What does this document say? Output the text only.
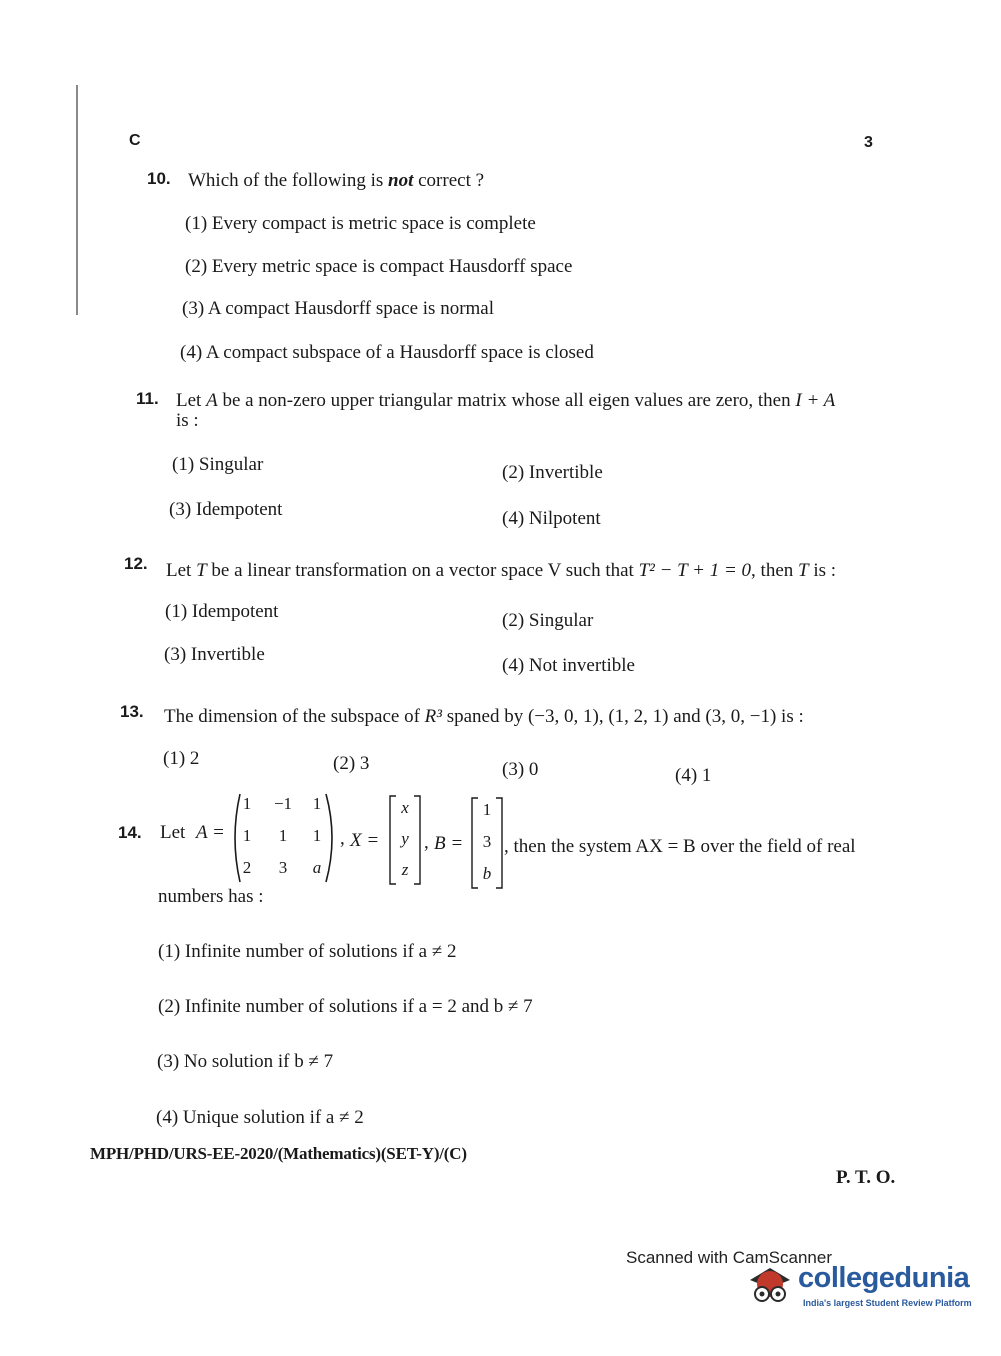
C	3
10. Which of the following is not correct ?
(1) Every compact is metric space is complete
(2) Every metric space is compact Hausdorff space
(3) A compact Hausdorff space is normal
(4) A compact subspace of a Hausdorff space is closed
11. Let A be a non-zero upper triangular matrix whose all eigen values are zero, then I + A
is :
(1) Singular	(2) Invertible
(3) Idempotent	(4) Nilpotent
12. Let T be a linear transformation on a vector space V such that T² − T + 1 = 0, then T is :
(1) Idempotent	(2) Singular
(3) Invertible
(4) Not invertible
13. The dimension of the subspace of R³ spaned by (−3, 0, 1), (1, 2, 1) and (3, 0, −1) is :
(1) 2	(2) 3	(3) 0	(4) 1
14. Let A =
1	−1	1
1	1	1
2	3	a
, X =
x
y
z
, B =
1
3
b
, then the system AX = B over the field of real
numbers has :
(1) Infinite number of solutions if a ≠ 2
(2) Infinite number of solutions if a = 2 and b ≠ 7
(3) No solution if b ≠ 7
(4) Unique solution if a ≠ 2
MPH/PHD/URS-EE-2020/(Mathematics)(SET-Y)/(C)
P. T. O.
Scanned with CamScanner
collegedunia
India's largest Student Review Platform
